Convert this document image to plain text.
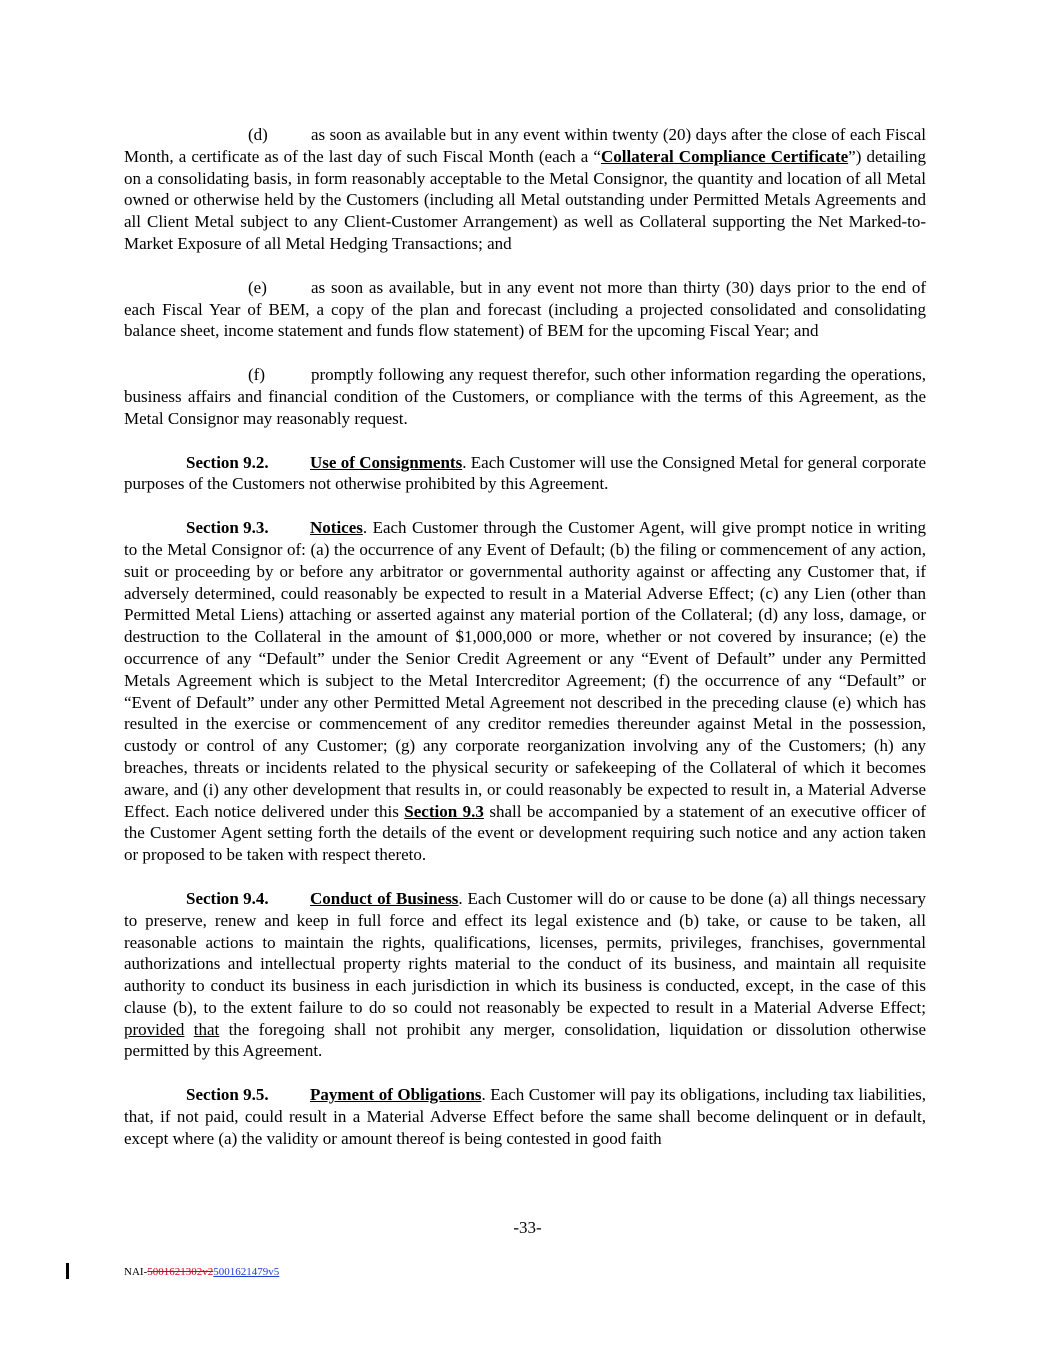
(d)	as soon as available but in any event within twenty (20) days after the close of each Fiscal Month, a certificate as of the last day of such Fiscal Month (each a “Collateral Compliance Certificate”) detailing on a consolidating basis, in form reasonably acceptable to the Metal Consignor, the quantity and location of all Metal owned or otherwise held by the Customers (including all Metal outstanding under Permitted Metals Agreements and all Client Metal subject to any Client-Customer Arrangement) as well as Collateral supporting the Net Marked-to-Market Exposure of all Metal Hedging Transactions; and

(e)	as soon as available, but in any event not more than thirty (30) days prior to the end of each Fiscal Year of BEM, a copy of the plan and forecast (including a projected consolidated and consolidating balance sheet, income statement and funds flow statement) of BEM for the upcoming Fiscal Year; and

(f)	promptly following any request therefor, such other information regarding the operations, business affairs and financial condition of the Customers, or compliance with the terms of this Agreement, as the Metal Consignor may reasonably request.

Section 9.2. Use of Consignments. Each Customer will use the Consigned Metal for general corporate purposes of the Customers not otherwise prohibited by this Agreement.

Section 9.3. Notices. Each Customer through the Customer Agent, will give prompt notice in writing to the Metal Consignor of: (a) the occurrence of any Event of Default; (b) the filing or commencement of any action, suit or proceeding by or before any arbitrator or governmental authority against or affecting any Customer that, if adversely determined, could reasonably be expected to result in a Material Adverse Effect; (c) any Lien (other than Permitted Metal Liens) attaching or asserted against any material portion of the Collateral; (d) any loss, damage, or destruction to the Collateral in the amount of $1,000,000 or more, whether or not covered by insurance; (e) the occurrence of any “Default” under the Senior Credit Agreement or any “Event of Default” under any Permitted Metals Agreement which is subject to the Metal Intercreditor Agreement; (f) the occurrence of any “Default” or “Event of Default” under any other Permitted Metal Agreement not described in the preceding clause (e) which has resulted in the exercise or commencement of any creditor remedies thereunder against Metal in the possession, custody or control of any Customer; (g) any corporate reorganization involving any of the Customers; (h) any breaches, threats or incidents related to the physical security or safekeeping of the Collateral of which it becomes aware, and (i) any other development that results in, or could reasonably be expected to result in, a Material Adverse Effect. Each notice delivered under this Section 9.3 shall be accompanied by a statement of an executive officer of the Customer Agent setting forth the details of the event or development requiring such notice and any action taken or proposed to be taken with respect thereto.

Section 9.4. Conduct of Business. Each Customer will do or cause to be done (a) all things necessary to preserve, renew and keep in full force and effect its legal existence and (b) take, or cause to be taken, all reasonable actions to maintain the rights, qualifications, licenses, permits, privileges, franchises, governmental authorizations and intellectual property rights material to the conduct of its business, and maintain all requisite authority to conduct its business in each jurisdiction in which its business is conducted, except, in the case of this clause (b), to the extent failure to do so could not reasonably be expected to result in a Material Adverse Effect; provided that the foregoing shall not prohibit any merger, consolidation, liquidation or dissolution otherwise permitted by this Agreement.

Section 9.5. Payment of Obligations. Each Customer will pay its obligations, including tax liabilities, that, if not paid, could result in a Material Adverse Effect before the same shall become delinquent or in default, except where (a) the validity or amount thereof is being contested in good faith

-33-
NAI-5001621302v25001621479v5
